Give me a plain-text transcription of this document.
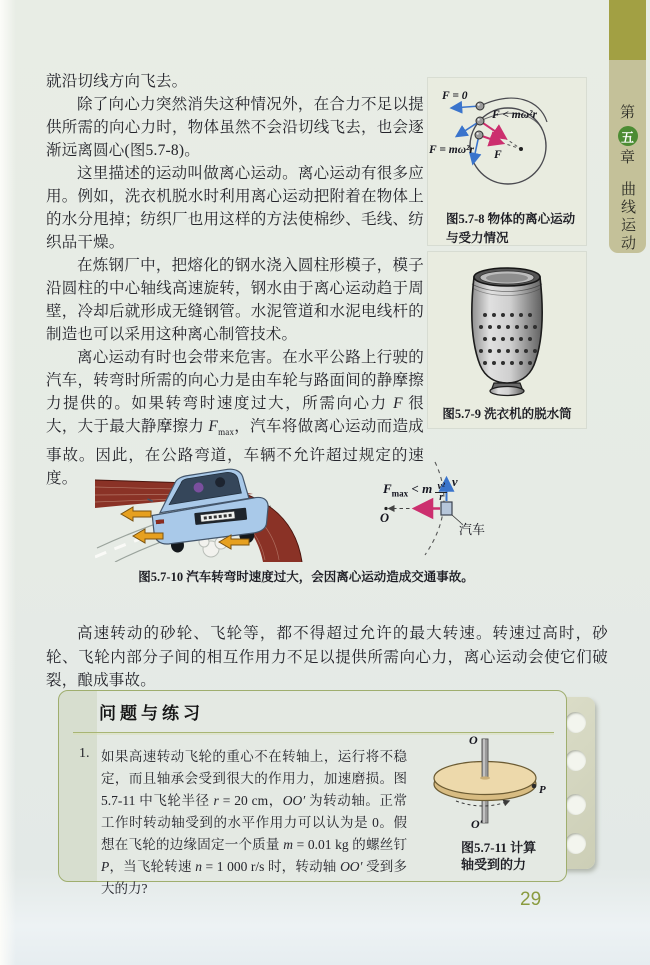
第
五
章
曲线运动

就沿切线方向飞去。

除了向心力突然消失这种情况外，在合力不足以提供所需的向心力时，物体虽然不会沿切线飞去，也会逐渐远离圆心(图5.7-8)。

这里描述的运动叫做离心运动。离心运动有很多应用。例如，洗衣机脱水时利用离心运动把附着在物体上的水分甩掉；纺织厂也用这样的方法使棉纱、毛线、纺织品干燥。

在炼钢厂中，把熔化的钢水浇入圆柱形模子，模子沿圆柱的中心轴线高速旋转，钢水由于离心运动趋于周壁，冷却后就形成无缝钢管。水泥管道和水泥电线杆的制造也可以采用这种离心制管技术。

离心运动有时也会带来危害。在水平公路上行驶的汽车，转弯时所需的向心力是由车轮与路面间的静摩擦力提供的。如果转弯时速度过大，所需向心力 F 很大，大于最大静摩擦力 $F_{max}$，汽车将做离心运动而造成事故。因此，在公路弯道，车辆不允许超过规定的速度。

F = 0
F < mω²r
F = mω²r F
图5.7-8 物体的离心运动
与受力情况
图5.7-9 洗衣机的脱水筒
高速转动的砂轮、飞轮等，都不得超过允许的最大转速。转速过高时，砂轮、飞轮内部分子间的相互作用力不足以提供所需向心力，离心运动会使它们破裂，酿成事故。
v
O
汽车
$F_{max} < m \frac{\text{v²}}{r}$
图5.7-10 汽车转弯时速度过大，会因离心运动造成交通事故。
问题与练习
1. 如果高速转动飞轮的重心不在转轴上，运行将不稳定，而且轴承会受到很大的作用力，加速磨损。图5.7-11 中飞轮半径 r = 20 cm，OO′ 为转动轴。正常工作时转动轴受到的水平作用力可以认为是 0。假想在飞轮的边缘固定一个质量 m = 0.01 kg 的螺丝钉 P，当飞轮转速 n = 1 000 r/s 时，转动轴 OO′ 受到多大的力?

O
O′
P
图5.7-11 计算
轴受到的力
29
